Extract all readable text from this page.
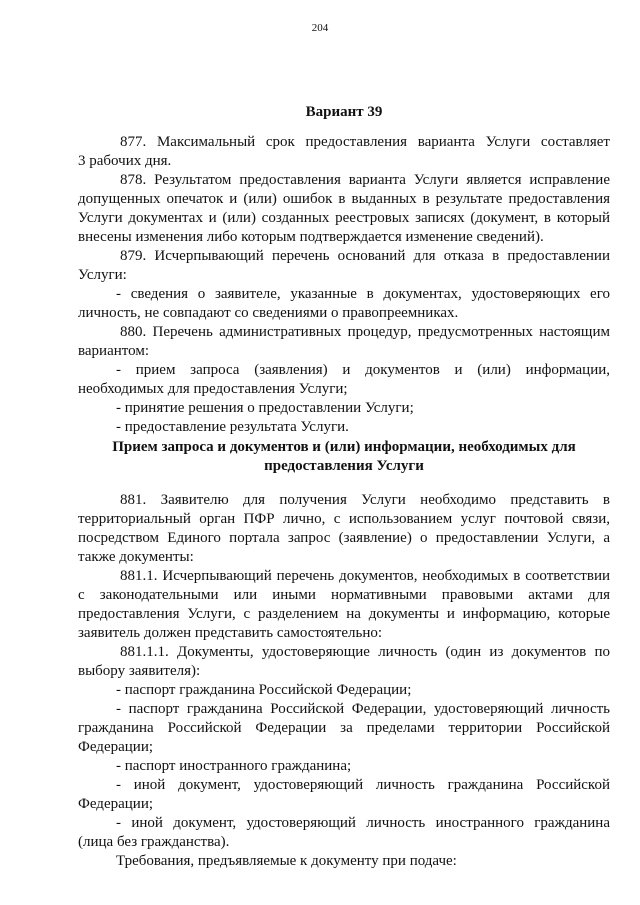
204
Вариант 39
Прием запроса и документов и (или) информации, необходимых для предоставления Услуги
877. Максимальный срок предоставления варианта Услуги составляет
3 рабочих дня.
878. Результатом предоставления варианта Услуги является исправление
допущенных опечаток и (или) ошибок в выданных в результате предоставления
Услуги документах и (или) созданных реестровых записях (документ, в который
внесены изменения либо которым подтверждается изменение сведений).
879. Исчерпывающий перечень оснований для отказа в предоставлении
Услуги:
- сведения о заявителе, указанные в документах, удостоверяющих его
личность, не совпадают со сведениями о правопреемниках.
880. Перечень административных процедур, предусмотренных настоящим
вариантом:
- прием запроса (заявления) и документов и (или) информации,
необходимых для предоставления Услуги;
- принятие решения о предоставлении Услуги;
- предоставление результата Услуги.
881. Заявителю для получения Услуги необходимо представить в
территориальный орган ПФР лично, с использованием услуг почтовой связи,
посредством Единого портала запрос (заявление) о предоставлении Услуги, а
также документы:
881.1. Исчерпывающий перечень документов, необходимых в соответствии
с законодательными или иными нормативными правовыми актами для
предоставления Услуги, с разделением на документы и информацию, которые
заявитель должен представить самостоятельно:
881.1.1. Документы, удостоверяющие личность (один из документов по
выбору заявителя):
- паспорт гражданина Российской Федерации;
- паспорт гражданина Российской Федерации, удостоверяющий личность
гражданина Российской Федерации за пределами территории Российской
Федерации;
- паспорт иностранного гражданина;
- иной документ, удостоверяющий личность гражданина Российской
Федерации;
- иной документ, удостоверяющий личность иностранного гражданина
(лица без гражданства).
Требования, предъявляемые к документу при подаче:
